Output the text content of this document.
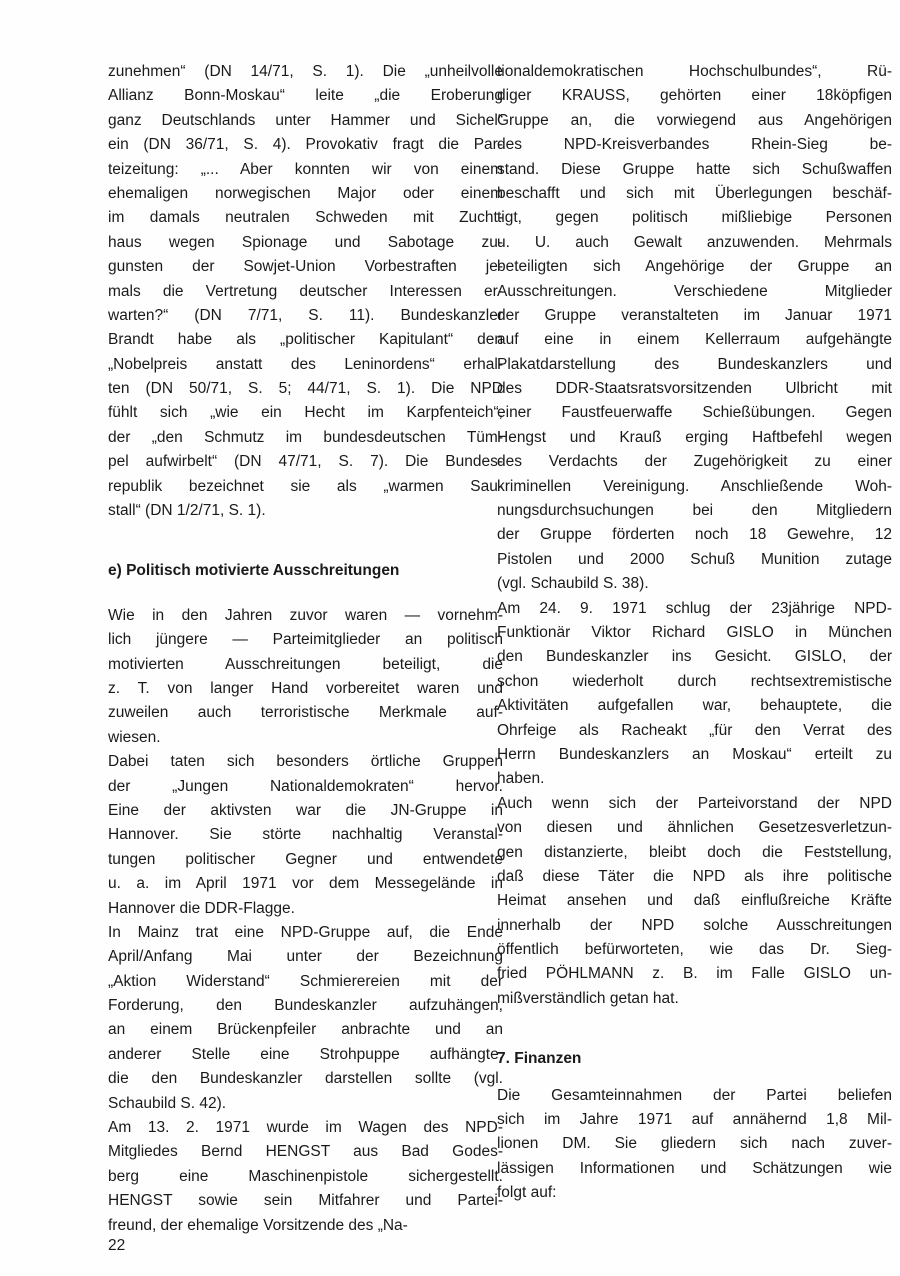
zunehmen“ (DN 14/71, S. 1). Die „unheilvolle
Allianz Bonn-Moskau“ leite „die Eroberung
ganz Deutschlands unter Hammer und Sichel“
ein (DN 36/71, S. 4). Provokativ fragt die Par-
teizeitung: „... Aber konnten wir von einem
ehemaligen norwegischen Major oder einem
im damals neutralen Schweden mit Zucht-
haus wegen Spionage und Sabotage zu-
gunsten der Sowjet-Union Vorbestraften je-
mals die Vertretung deutscher Interessen er-
warten?“ (DN 7/71, S. 11). Bundeskanzler
Brandt habe als „politischer Kapitulant“ den
„Nobelpreis anstatt des Leninordens“ erhal-
ten (DN 50/71, S. 5; 44/71, S. 1). Die NPD
fühlt sich „wie ein Hecht im Karpfenteich“,
der „den Schmutz im bundesdeutschen Tüm-
pel aufwirbelt“ (DN 47/71, S. 7). Die Bundes-
republik bezeichnet sie als „warmen Sau-
stall“ (DN 1/2/71, S. 1).
e) Politisch motivierte Ausschreitungen
Wie in den Jahren zuvor waren — vornehm-
lich jüngere — Parteimitglieder an politisch
motivierten Ausschreitungen beteiligt, die
z. T. von langer Hand vorbereitet waren und
zuweilen auch terroristische Merkmale auf-
wiesen.
Dabei taten sich besonders örtliche Gruppen
der „Jungen Nationaldemokraten“ hervor.
Eine der aktivsten war die JN-Gruppe in
Hannover. Sie störte nachhaltig Veranstal-
tungen politischer Gegner und entwendete
u. a. im April 1971 vor dem Messegelände in
Hannover die DDR-Flagge.
In Mainz trat eine NPD-Gruppe auf, die Ende
April/Anfang Mai unter der Bezeichnung
„Aktion Widerstand“ Schmierereien mit der
Forderung, den Bundeskanzler aufzuhängen,
an einem Brückenpfeiler anbrachte und an
anderer Stelle eine Strohpuppe aufhängte,
die den Bundeskanzler darstellen sollte (vgl.
Schaubild S. 42).
Am 13. 2. 1971 wurde im Wagen des NPD-
Mitgliedes Bernd HENGST aus Bad Godes-
berg eine Maschinenpistole sichergestellt.
HENGST sowie sein Mitfahrer und Partei-
freund, der ehemalige Vorsitzende des „Na-
tionaldemokratischen Hochschulbundes“, Rü-
diger KRAUSS, gehörten einer 18köpfigen
Gruppe an, die vorwiegend aus Angehörigen
des NPD-Kreisverbandes Rhein-Sieg be-
stand. Diese Gruppe hatte sich Schußwaffen
beschafft und sich mit Überlegungen beschäf-
tigt, gegen politisch mißliebige Personen
u. U. auch Gewalt anzuwenden. Mehrmals
beteiligten sich Angehörige der Gruppe an
Ausschreitungen. Verschiedene Mitglieder
der Gruppe veranstalteten im Januar 1971
auf eine in einem Kellerraum aufgehängte
Plakatdarstellung des Bundeskanzlers und
des DDR-Staatsratsvorsitzenden Ulbricht mit
einer Faustfeuerwaffe Schießübungen. Gegen
Hengst und Krauß erging Haftbefehl wegen
des Verdachts der Zugehörigkeit zu einer
kriminellen Vereinigung. Anschließende Woh-
nungsdurchsuchungen bei den Mitgliedern
der Gruppe förderten noch 18 Gewehre, 12
Pistolen und 2000 Schuß Munition zutage
(vgl. Schaubild S. 38).
Am 24. 9. 1971 schlug der 23jährige NPD-
Funktionär Viktor Richard GISLO in München
den Bundeskanzler ins Gesicht. GISLO, der
schon wiederholt durch rechtsextremistische
Aktivitäten aufgefallen war, behauptete, die
Ohrfeige als Racheakt „für den Verrat des
Herrn Bundeskanzlers an Moskau“ erteilt zu
haben.
Auch wenn sich der Parteivorstand der NPD
von diesen und ähnlichen Gesetzesverletzun-
gen distanzierte, bleibt doch die Feststellung,
daß diese Täter die NPD als ihre politische
Heimat ansehen und daß einflußreiche Kräfte
innerhalb der NPD solche Ausschreitungen
öffentlich befürworteten, wie das Dr. Sieg-
fried PÖHLMANN z. B. im Falle GISLO un-
mißverständlich getan hat.
7. Finanzen
Die Gesamteinnahmen der Partei beliefen
sich im Jahre 1971 auf annähernd 1,8 Mil-
lionen DM. Sie gliedern sich nach zuver-
lässigen Informationen und Schätzungen wie
folgt auf:
22
